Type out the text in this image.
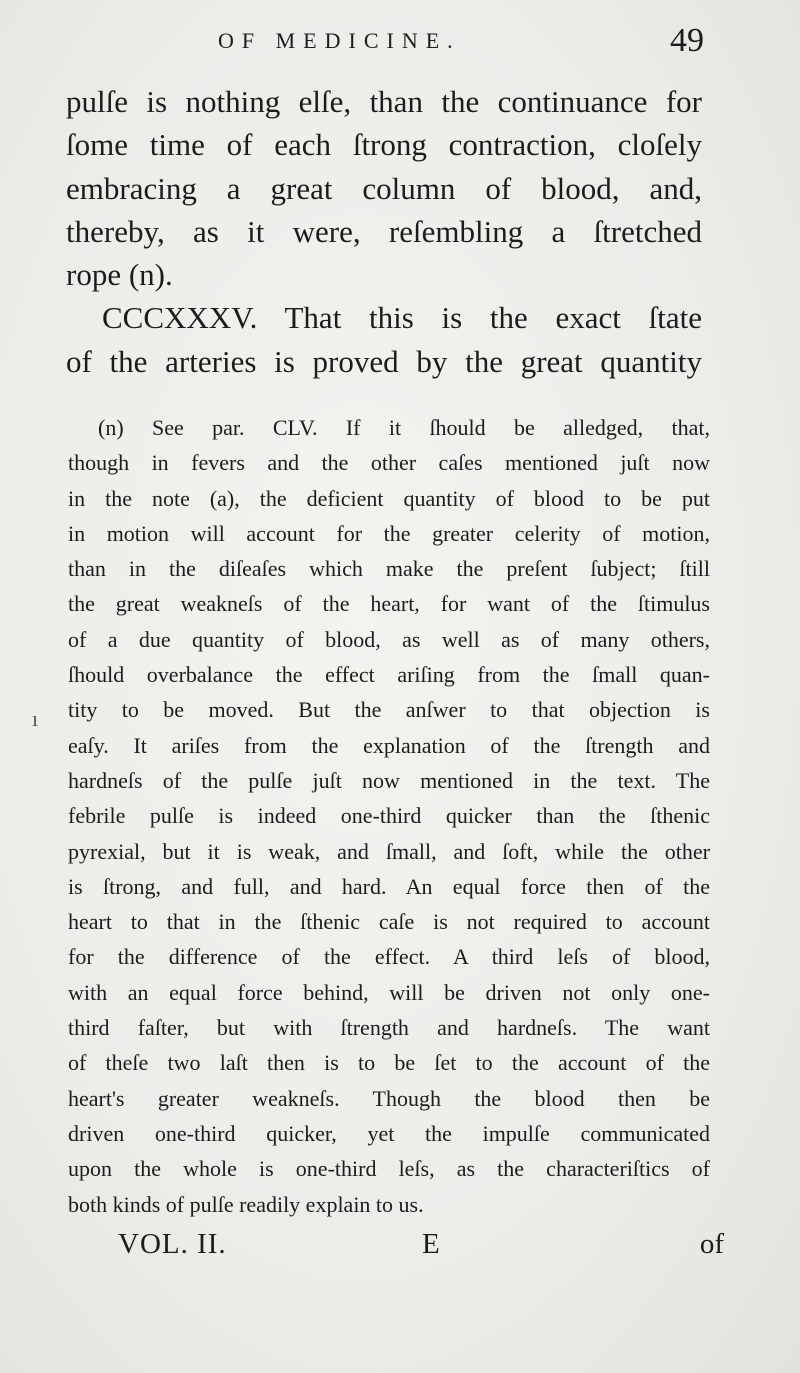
OF MEDICINE.	49
pulſe is nothing elſe, than the continuance for
ſome time of each ſtrong contraction, cloſely
embracing a great column of blood, and,
thereby, as it were, reſembling a ſtretched
rope (n).
CCCXXXV. That this is the exact ſtate
of the arteries is proved by the great quantity
(n) See par. CLV. If it ſhould be alledged, that,
though in fevers and the other caſes mentioned juſt now
in the note (a), the deficient quantity of blood to be put
in motion will account for the greater celerity of motion,
than in the diſeaſes which make the preſent ſubject; ſtill
the great weakneſs of the heart, for want of the ſtimulus
of a due quantity of blood, as well as of many others,
ſhould overbalance the effect ariſing from the ſmall quan-
tity to be moved. But the anſwer to that objection is
eaſy. It ariſes from the explanation of the ſtrength and
hardneſs of the pulſe juſt now mentioned in the text. The
febrile pulſe is indeed one-third quicker than the ſthenic
pyrexial, but it is weak, and ſmall, and ſoft, while the other
is ſtrong, and full, and hard. An equal force then of the
heart to that in the ſthenic caſe is not required to account
for the difference of the effect. A third leſs of blood,
with an equal force behind, will be driven not only one-
third faſter, but with ſtrength and hardneſs. The want
of theſe two laſt then is to be ſet to the account of the
heart's greater weakneſs. Though the blood then be
driven one-third quicker, yet the impulſe communicated
upon the whole is one-third leſs, as the characteriſtics of
both kinds of pulſe readily explain to us.
VOL. II.	E	of
ı
